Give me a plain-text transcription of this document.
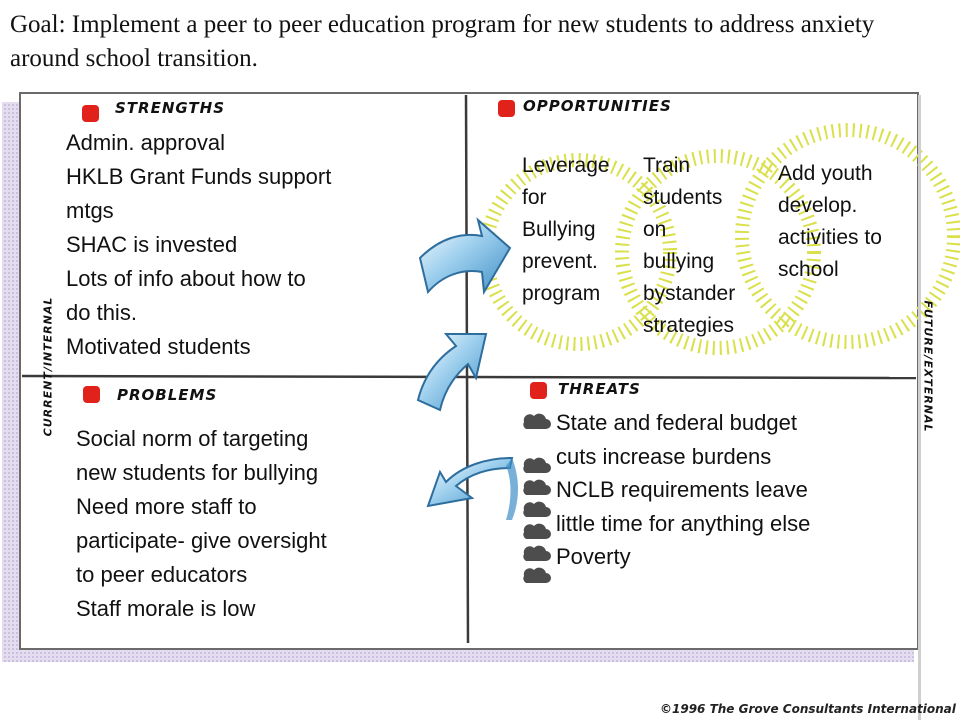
Goal: Implement a peer to peer education program for new students to address anxiety around school transition.
STRENGTHS
Admin. approval
HKLB Grant Funds support
mtgs
SHAC is invested
Lots of info about how to
do this.
Motivated students
OPPORTUNITIES
Leverage
for
Bullying
prevent.
program
Train
students
on
bullying
bystander
strategies
Add youth
develop.
activities to
school
PROBLEMS
Social norm of targeting
new students for bullying
Need more staff to
participate- give oversight
to peer educators
Staff morale is low
THREATS
State and federal budget
cuts increase burdens
NCLB requirements leave
little time for anything else
Poverty
CURRENT/INTERNAL	FUTURE/EXTERNAL
©1996 The Grove Consultants International
